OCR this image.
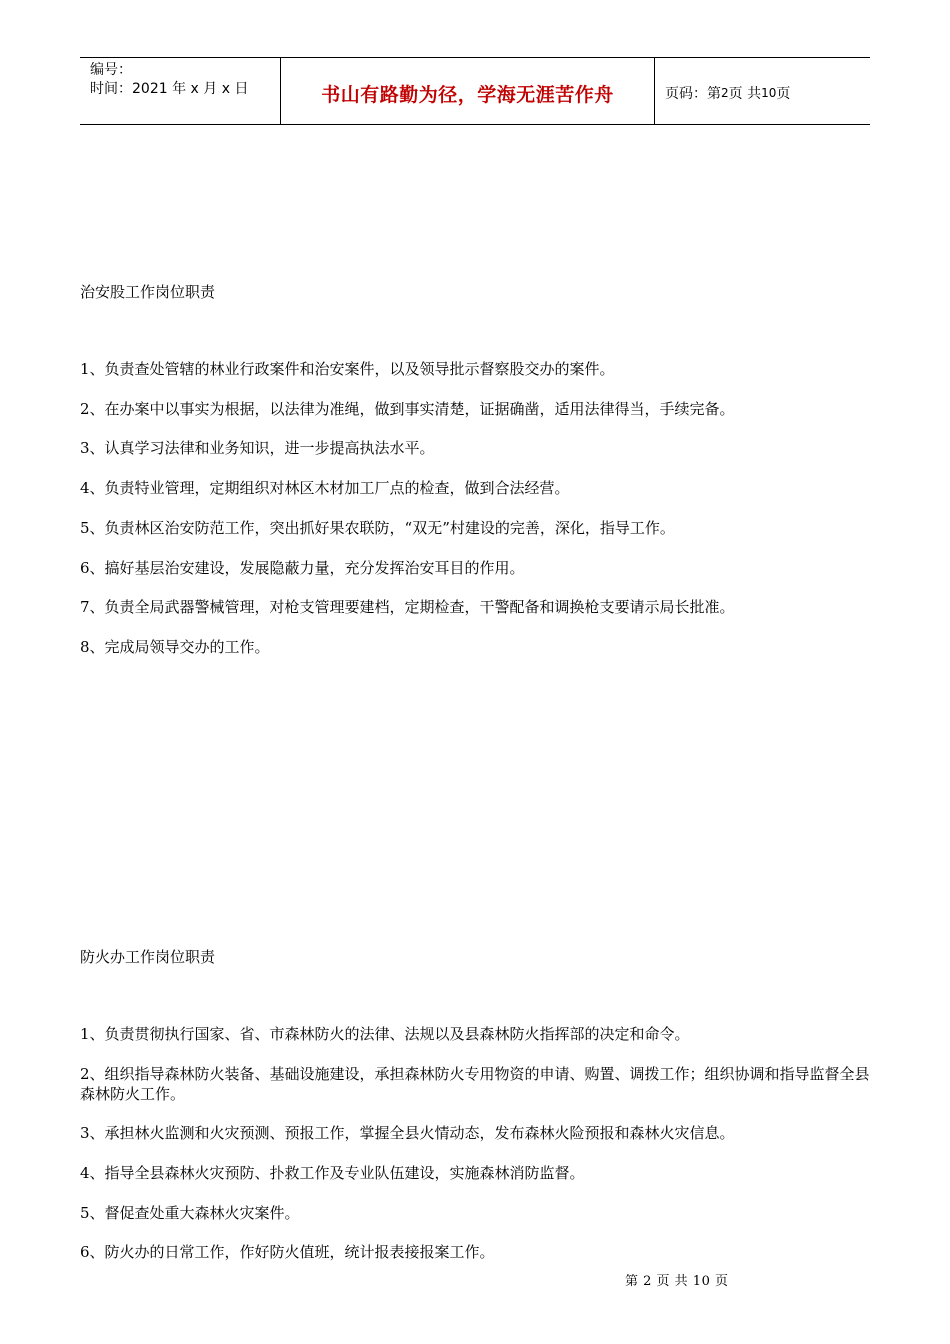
编号：
时间：2021 年 x 月 x 日	书山有路勤为径，学海无涯苦作舟	页码：第 2 页 共 10 页
治安股工作岗位职责
1、负责查处管辖的林业行政案件和治安案件，以及领导批示督察股交办的案件。
2、在办案中以事实为根据，以法律为准绳，做到事实清楚，证据确凿，适用法律得当，手续完备。
3、认真学习法律和业务知识，进一步提高执法水平。
4、负责特业管理，定期组织对林区木材加工厂点的检查，做到合法经营。
5、负责林区治安防范工作，突出抓好果农联防，“双无”村建设的完善，深化，指导工作。
6、搞好基层治安建设，发展隐蔽力量，充分发挥治安耳目的作用。
7、负责全局武器警械管理，对枪支管理要建档，定期检查，干警配备和调换枪支要请示局长批准。
8、完成局领导交办的工作。
防火办工作岗位职责
1、负责贯彻执行国家、省、市森林防火的法律、法规以及县森林防火指挥部的决定和命令。
2、组织指导森林防火装备、基础设施建设，承担森林防火专用物资的申请、购置、调拨工作；组织协调和指导监督全县森林防火工作。
3、承担林火监测和火灾预测、预报工作，掌握全县火情动态，发布森林火险预报和森林火灾信息。
4、指导全县森林火灾预防、扑救工作及专业队伍建设，实施森林消防监督。
5、督促查处重大森林火灾案件。
6、防火办的日常工作，作好防火值班，统计报表接报案工作。
第 2 页 共 10 页
